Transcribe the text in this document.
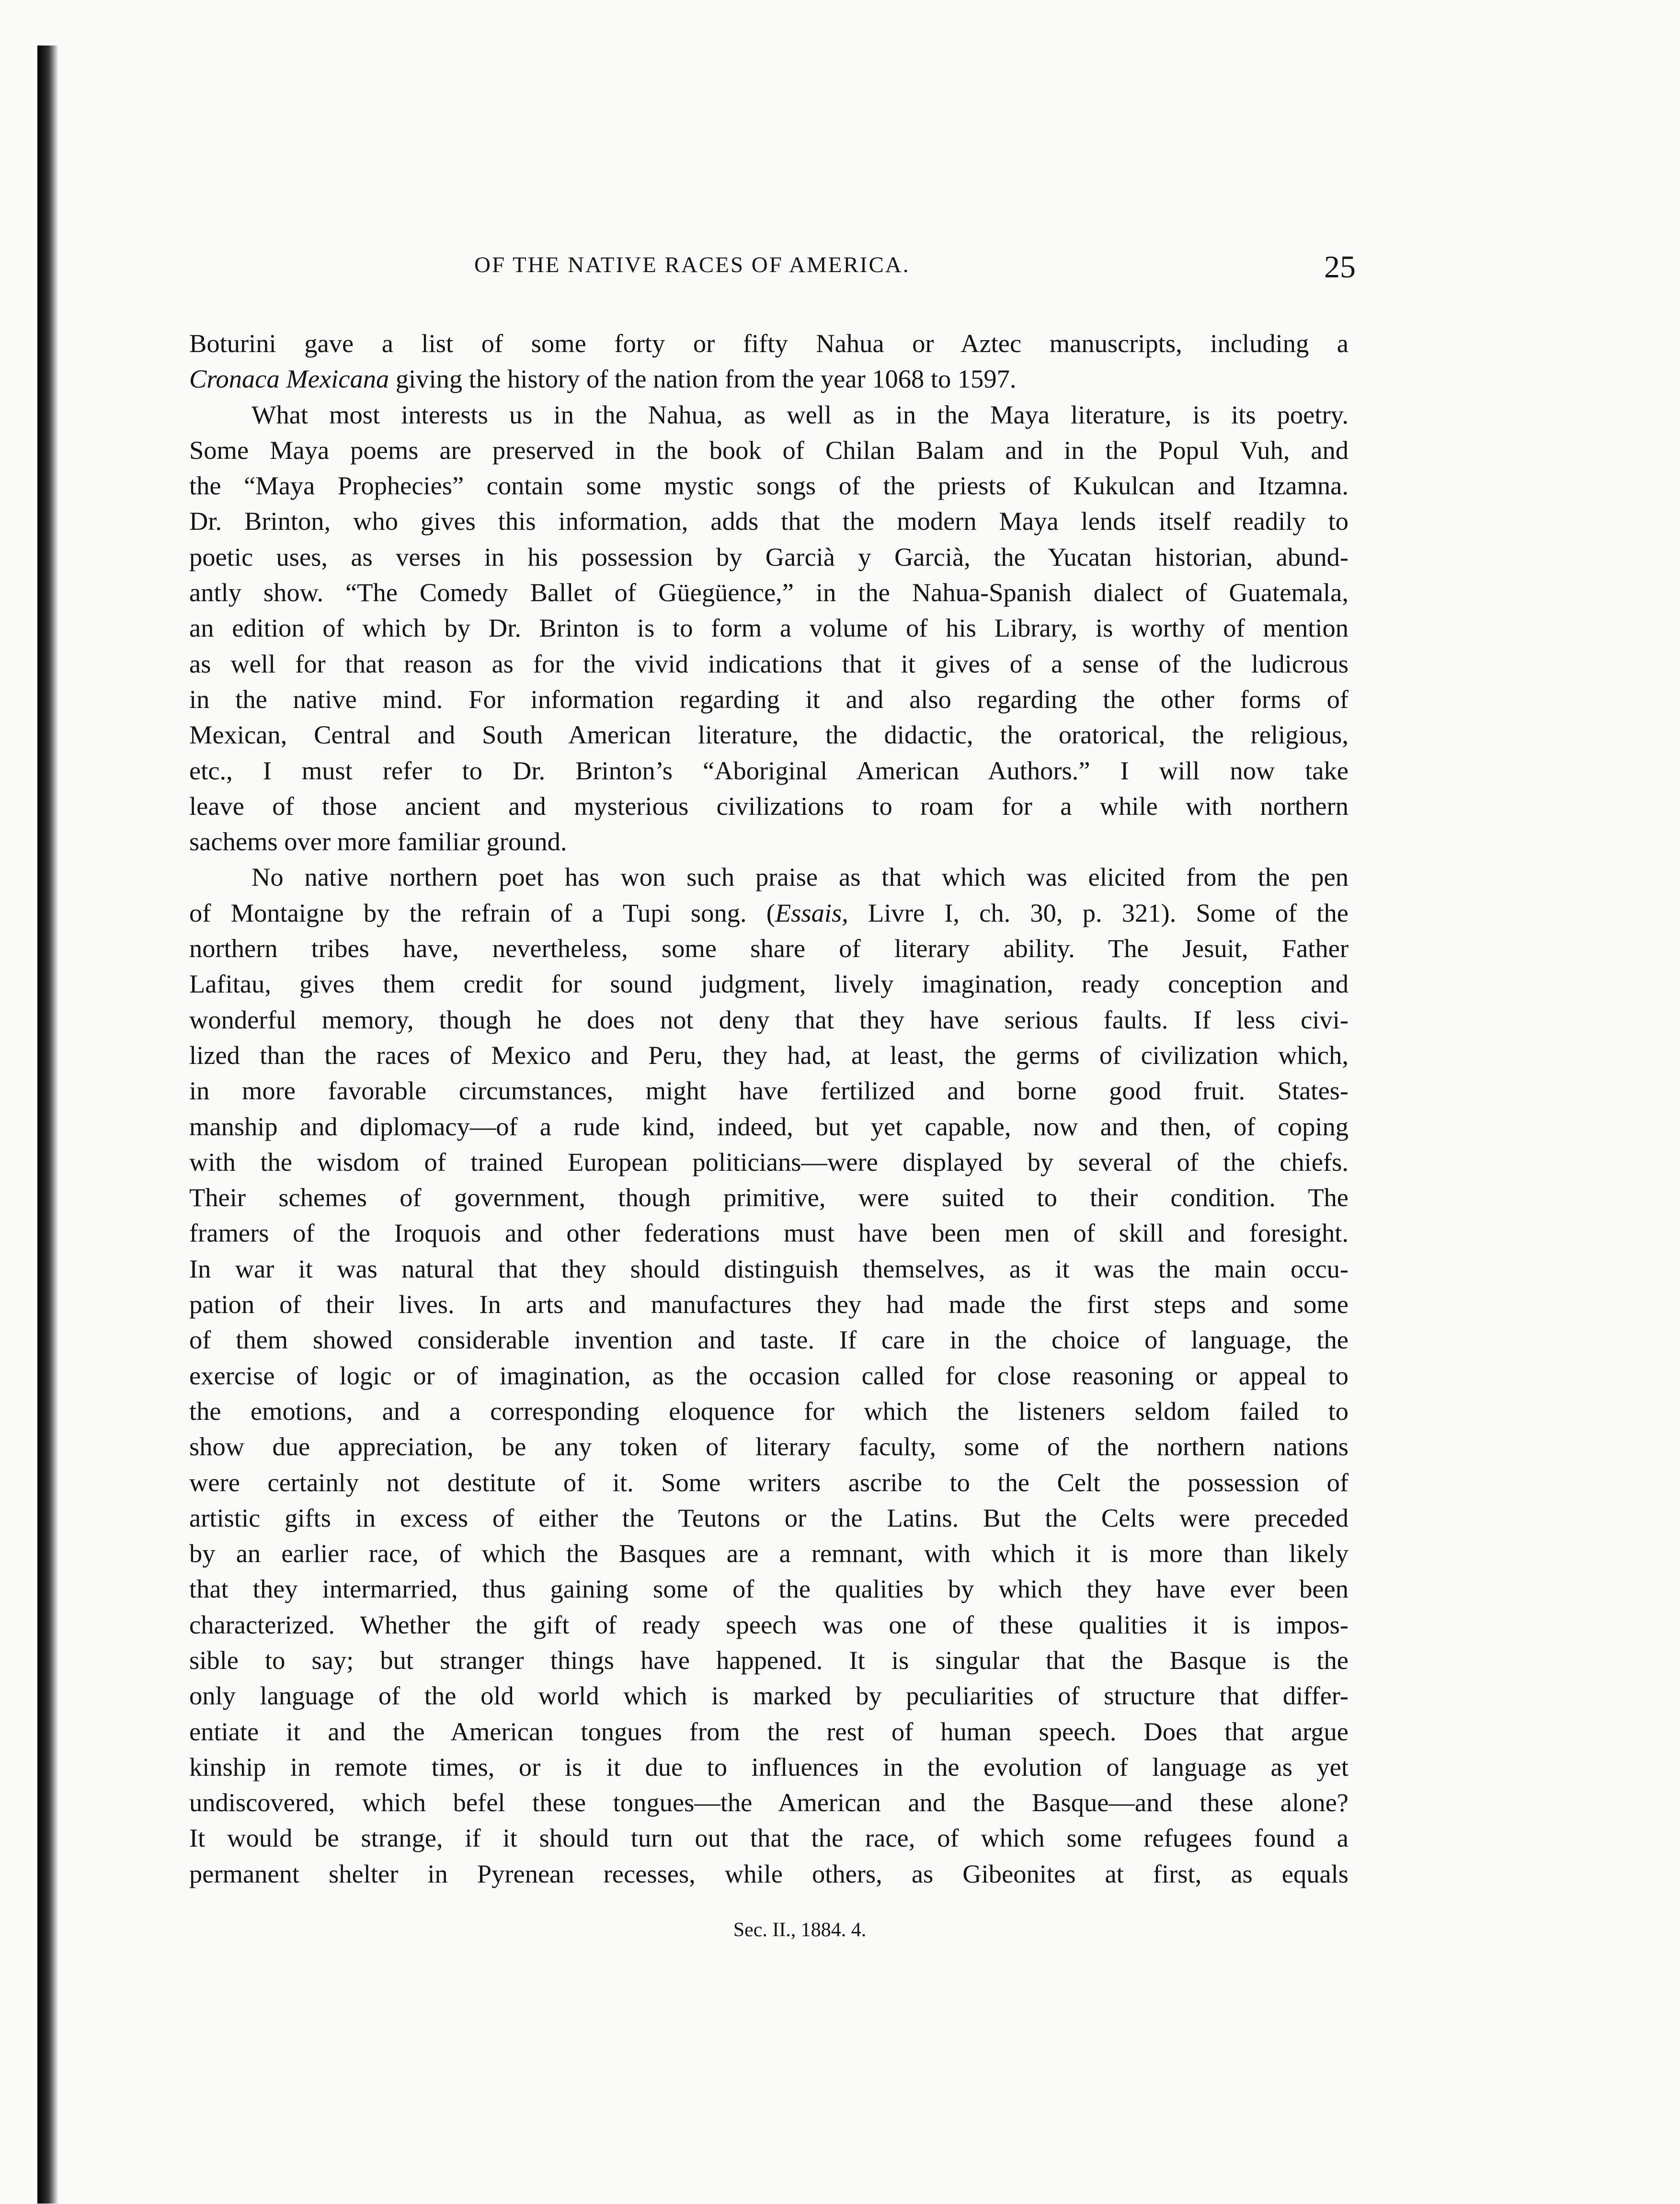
OF THE NATIVE RACES OF AMERICA.	25
Boturini gave a list of some forty or fifty Nahua or Aztec manuscripts, including a
Cronaca Mexicana giving the history of the nation from the year 1068 to 1597.
What most interests us in the Nahua, as well as in the Maya literature, is its poetry.
Some Maya poems are preserved in the book of Chilan Balam and in the Popul Vuh, and
the “Maya Prophecies” contain some mystic songs of the priests of Kukulcan and Itzamna.
Dr. Brinton, who gives this information, adds that the modern Maya lends itself readily to
poetic uses, as verses in his possession by Garcià y Garcià, the Yucatan historian, abund-
antly show. “The Comedy Ballet of Güegüence,” in the Nahua-Spanish dialect of Guatemala,
an edition of which by Dr. Brinton is to form a volume of his Library, is worthy of mention
as well for that reason as for the vivid indications that it gives of a sense of the ludicrous
in the native mind. For information regarding it and also regarding the other forms of
Mexican, Central and South American literature, the didactic, the oratorical, the religious,
etc., I must refer to Dr. Brinton’s “Aboriginal American Authors.” I will now take
leave of those ancient and mysterious civilizations to roam for a while with northern
sachems over more familiar ground.
No native northern poet has won such praise as that which was elicited from the pen
of Montaigne by the refrain of a Tupi song. (Essais, Livre I, ch. 30, p. 321). Some of the
northern tribes have, nevertheless, some share of literary ability. The Jesuit, Father
Lafitau, gives them credit for sound judgment, lively imagination, ready conception and
wonderful memory, though he does not deny that they have serious faults. If less civi-
lized than the races of Mexico and Peru, they had, at least, the germs of civilization which,
in more favorable circumstances, might have fertilized and borne good fruit. States-
manship and diplomacy—of a rude kind, indeed, but yet capable, now and then, of coping
with the wisdom of trained European politicians—were displayed by several of the chiefs.
Their schemes of government, though primitive, were suited to their condition. The
framers of the Iroquois and other federations must have been men of skill and foresight.
In war it was natural that they should distinguish themselves, as it was the main occu-
pation of their lives. In arts and manufactures they had made the first steps and some
of them showed considerable invention and taste. If care in the choice of language, the
exercise of logic or of imagination, as the occasion called for close reasoning or appeal to
the emotions, and a corresponding eloquence for which the listeners seldom failed to
show due appreciation, be any token of literary faculty, some of the northern nations
were certainly not destitute of it. Some writers ascribe to the Celt the possession of
artistic gifts in excess of either the Teutons or the Latins. But the Celts were preceded
by an earlier race, of which the Basques are a remnant, with which it is more than likely
that they intermarried, thus gaining some of the qualities by which they have ever been
characterized. Whether the gift of ready speech was one of these qualities it is impos-
sible to say; but stranger things have happened. It is singular that the Basque is the
only language of the old world which is marked by peculiarities of structure that differ-
entiate it and the American tongues from the rest of human speech. Does that argue
kinship in remote times, or is it due to influences in the evolution of language as yet
undiscovered, which befel these tongues—the American and the Basque—and these alone?
It would be strange, if it should turn out that the race, of which some refugees found a
permanent shelter in Pyrenean recesses, while others, as Gibeonites at first, as equals
Sec. II., 1884. 4.
